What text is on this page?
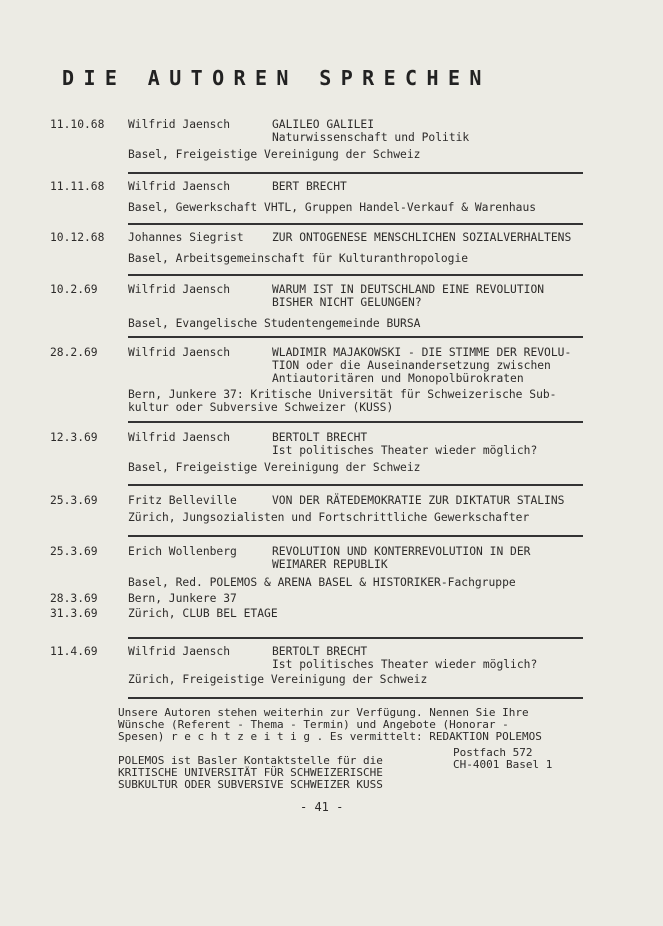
DIE AUTOREN SPRECHEN
11.10.68	Wilfrid Jaensch	GALILEO GALILEI
Naturwissenschaft und Politik
Basel, Freigeistige Vereinigung der Schweiz
11.11.68	Wilfrid Jaensch	BERT BRECHT
Basel, Gewerkschaft VHTL, Gruppen Handel-Verkauf & Warenhaus
10.12.68	Johannes Siegrist	ZUR ONTOGENESE MENSCHLICHEN SOZIALVERHALTENS
Basel, Arbeitsgemeinschaft für Kulturanthropologie
10.2.69	Wilfrid Jaensch	WARUM IST IN DEUTSCHLAND EINE REVOLUTION
BISHER NICHT GELUNGEN?
Basel, Evangelische Studentengemeinde BURSA
28.2.69	Wilfrid Jaensch	WLADIMIR MAJAKOWSKI - DIE STIMME DER REVOLU-
TION oder die Auseinandersetzung zwischen
Antiautoritären und Monopolbürokraten
Bern, Junkere 37: Kritische Universität für Schweizerische Sub-
kultur oder Subversive Schweizer (KUSS)
12.3.69	Wilfrid Jaensch	BERTOLT BRECHT
Ist politisches Theater wieder möglich?
Basel, Freigeistige Vereinigung der Schweiz
25.3.69	Fritz Belleville	VON DER RÄTEDEMOKRATIE ZUR DIKTATUR STALINS
Zürich, Jungsozialisten und Fortschrittliche Gewerkschafter
25.3.69	Erich Wollenberg	REVOLUTION UND KONTERREVOLUTION IN DER
WEIMARER REPUBLIK
Basel, Red. POLEMOS & ARENA BASEL & HISTORIKER-Fachgruppe
28.3.69	Bern, Junkere 37
31.3.69	Zürich, CLUB BEL ETAGE
11.4.69	Wilfrid Jaensch	BERTOLT BRECHT
Ist politisches Theater wieder möglich?
Zürich, Freigeistige Vereinigung der Schweiz
Unsere Autoren stehen weiterhin zur Verfügung. Nennen Sie Ihre
Wünsche (Referent - Thema - Termin) und Angebote (Honorar -
Spesen) r e c h t z e i t i g . Es vermittelt: REDAKTION POLEMOS
Postfach 572
CH-4001 Basel 1
POLEMOS ist Basler Kontaktstelle für die
KRITISCHE UNIVERSITÄT FÜR SCHWEIZERISCHE
SUBKULTUR ODER SUBVERSIVE SCHWEIZER KUSS
- 41 -
